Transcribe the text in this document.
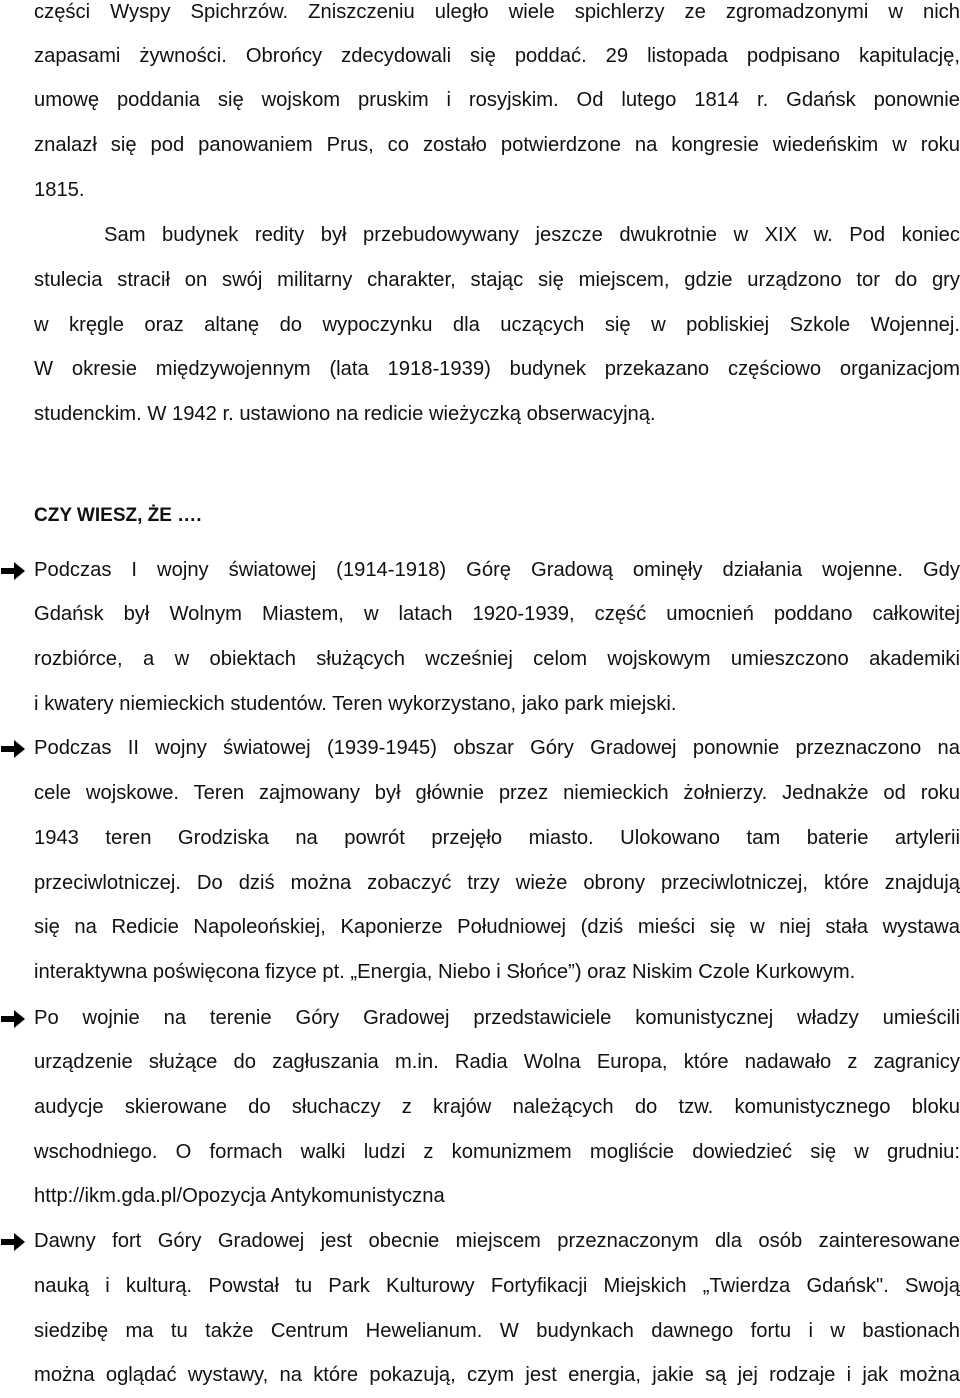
części Wyspy Spichrzów. Zniszczeniu uległo wiele spichlerzy ze zgromadzonymi w nich
zapasami żywności. Obrońcy zdecydowali się poddać. 29 listopada podpisano kapitulację,
umowę poddania się wojskom pruskim i rosyjskim. Od lutego 1814 r. Gdańsk ponownie
znalazł się pod panowaniem Prus, co zostało potwierdzone na kongresie wiedeńskim w roku
1815.
Sam budynek redity był przebudowywany jeszcze dwukrotnie w XIX w. Pod koniec
stulecia stracił on swój militarny charakter, stając się miejscem, gdzie urządzono tor do gry
w kręgle oraz altanę do wypoczynku dla uczących się w pobliskiej Szkole Wojennej.
W okresie międzywojennym (lata 1918-1939) budynek przekazano częściowo organizacjom
studenckim. W 1942 r. ustawiono na redicie wieżyczką obserwacyjną.
CZY WIESZ, ŻE ….
Podczas I wojny światowej (1914-1918) Górę Gradową ominęły działania wojenne. Gdy
Gdańsk był Wolnym Miastem, w latach 1920-1939, część umocnień poddano całkowitej
rozbiórce, a w obiektach służących wcześniej celom wojskowym umieszczono akademiki
i kwatery niemieckich studentów. Teren wykorzystano, jako park miejski.
Podczas II wojny światowej (1939-1945) obszar Góry Gradowej ponownie przeznaczono na
cele wojskowe. Teren zajmowany był głównie przez niemieckich żołnierzy. Jednakże od roku
1943 teren Grodziska na powrót przejęło miasto. Ulokowano tam baterie artylerii
przeciwlotniczej. Do dziś można zobaczyć trzy wieże obrony przeciwlotniczej, które znajdują
się na Redicie Napoleońskiej, Kaponierze Południowej (dziś mieści się w niej stała wystawa
interaktywna poświęcona fizyce pt. „Energia, Niebo i Słońce”) oraz Niskim Czole Kurkowym.
Po wojnie na terenie Góry Gradowej przedstawiciele komunistycznej władzy umieścili
urządzenie służące do zagłuszania m.in. Radia Wolna Europa, które nadawało z zagranicy
audycje skierowane do słuchaczy z krajów należących do tzw. komunistycznego bloku
wschodniego. O formach walki ludzi z komunizmem mogliście dowiedzieć się w grudniu:
http://ikm.gda.pl/Opozycja Antykomunistyczna
Dawny fort Góry Gradowej jest obecnie miejscem przeznaczonym dla osób zainteresowane
nauką i kulturą. Powstał tu Park Kulturowy Fortyfikacji Miejskich „Twierdza Gdańsk". Swoją
siedzibę ma tu także Centrum Hewelianum. W budynkach dawnego fortu i w bastionach
można oglądać wystawy, na które pokazują, czym jest energia, jakie są jej rodzaje i jak można
